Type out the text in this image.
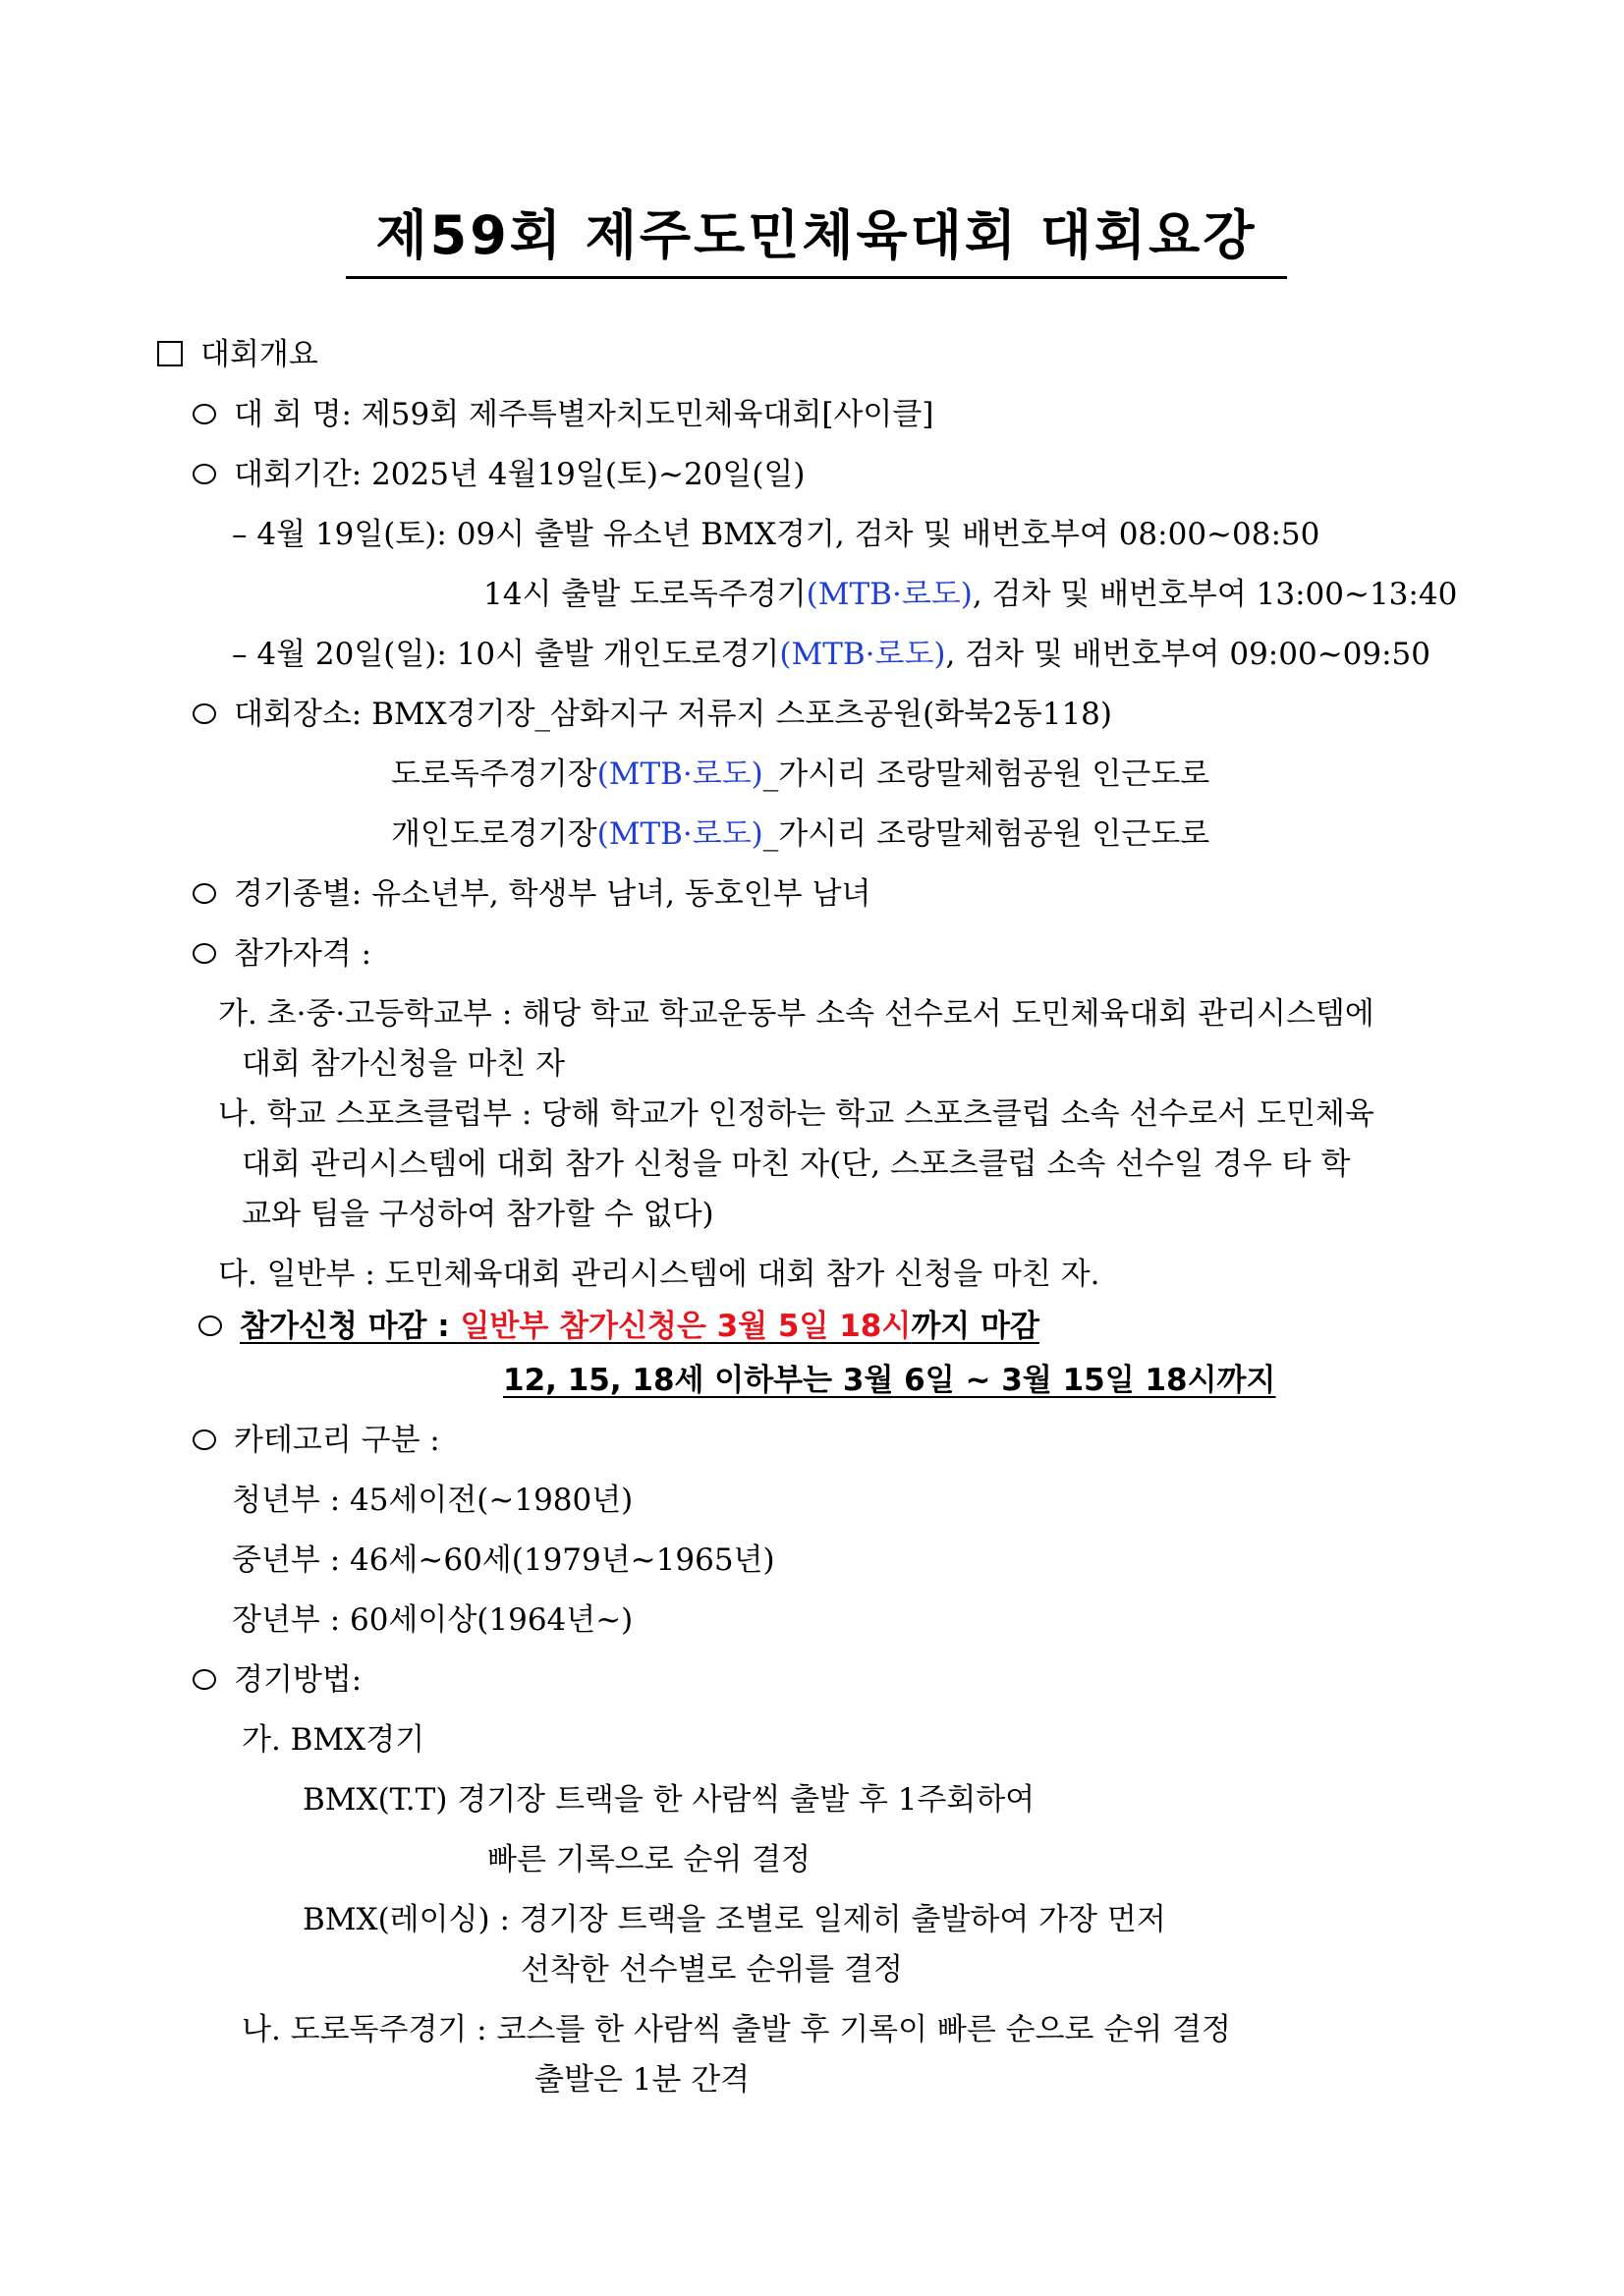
제59회 제주도민체육대회 대회요강
대회개요
대 회 명: 제59회 제주특별자치도민체육대회[사이클]
대회기간: 2025년 4월19일(토)~20일(일)
– 4월 19일(토): 09시 출발 유소년 BMX경기, 검차 및 배번호부여 08:00~08:50
14시 출발 도로독주경기(MTB·로도), 검차 및 배번호부여 13:00~13:40
– 4월 20일(일): 10시 출발 개인도로경기(MTB·로도), 검차 및 배번호부여 09:00~09:50
대회장소: BMX경기장_삼화지구 저류지 스포츠공원(화북2동118)
도로독주경기장(MTB·로도)_가시리 조랑말체험공원 인근도로
개인도로경기장(MTB·로도)_가시리 조랑말체험공원 인근도로
경기종별: 유소년부, 학생부 남녀, 동호인부 남녀
참가자격 :
가. 초·중·고등학교부 : 해당 학교 학교운동부 소속 선수로서 도민체육대회 관리시스템에
대회 참가신청을 마친 자
나. 학교 스포츠클럽부 : 당해 학교가 인정하는 학교 스포츠클럽 소속 선수로서 도민체육
대회 관리시스템에 대회 참가 신청을 마친 자(단, 스포츠클럽 소속 선수일 경우 타 학
교와 팀을 구성하여 참가할 수 없다)
다. 일반부 : 도민체육대회 관리시스템에 대회 참가 신청을 마친 자.
참가신청 마감 : 일반부 참가신청은 3월 5일 18시까지 마감
12, 15, 18세 이하부는 3월 6일 ~ 3월 15일 18시까지
카테고리 구분 :
청년부 : 45세이전(~1980년)
중년부 : 46세~60세(1979년~1965년)
장년부 : 60세이상(1964년~)
경기방법:
가. BMX경기
BMX(T.T) 경기장 트랙을 한 사람씩 출발 후 1주회하여
빠른 기록으로 순위 결정
BMX(레이싱) : 경기장 트랙을 조별로 일제히 출발하여 가장 먼저
선착한 선수별로 순위를 결정
나. 도로독주경기 : 코스를 한 사람씩 출발 후 기록이 빠른 순으로 순위 결정
출발은 1분 간격
